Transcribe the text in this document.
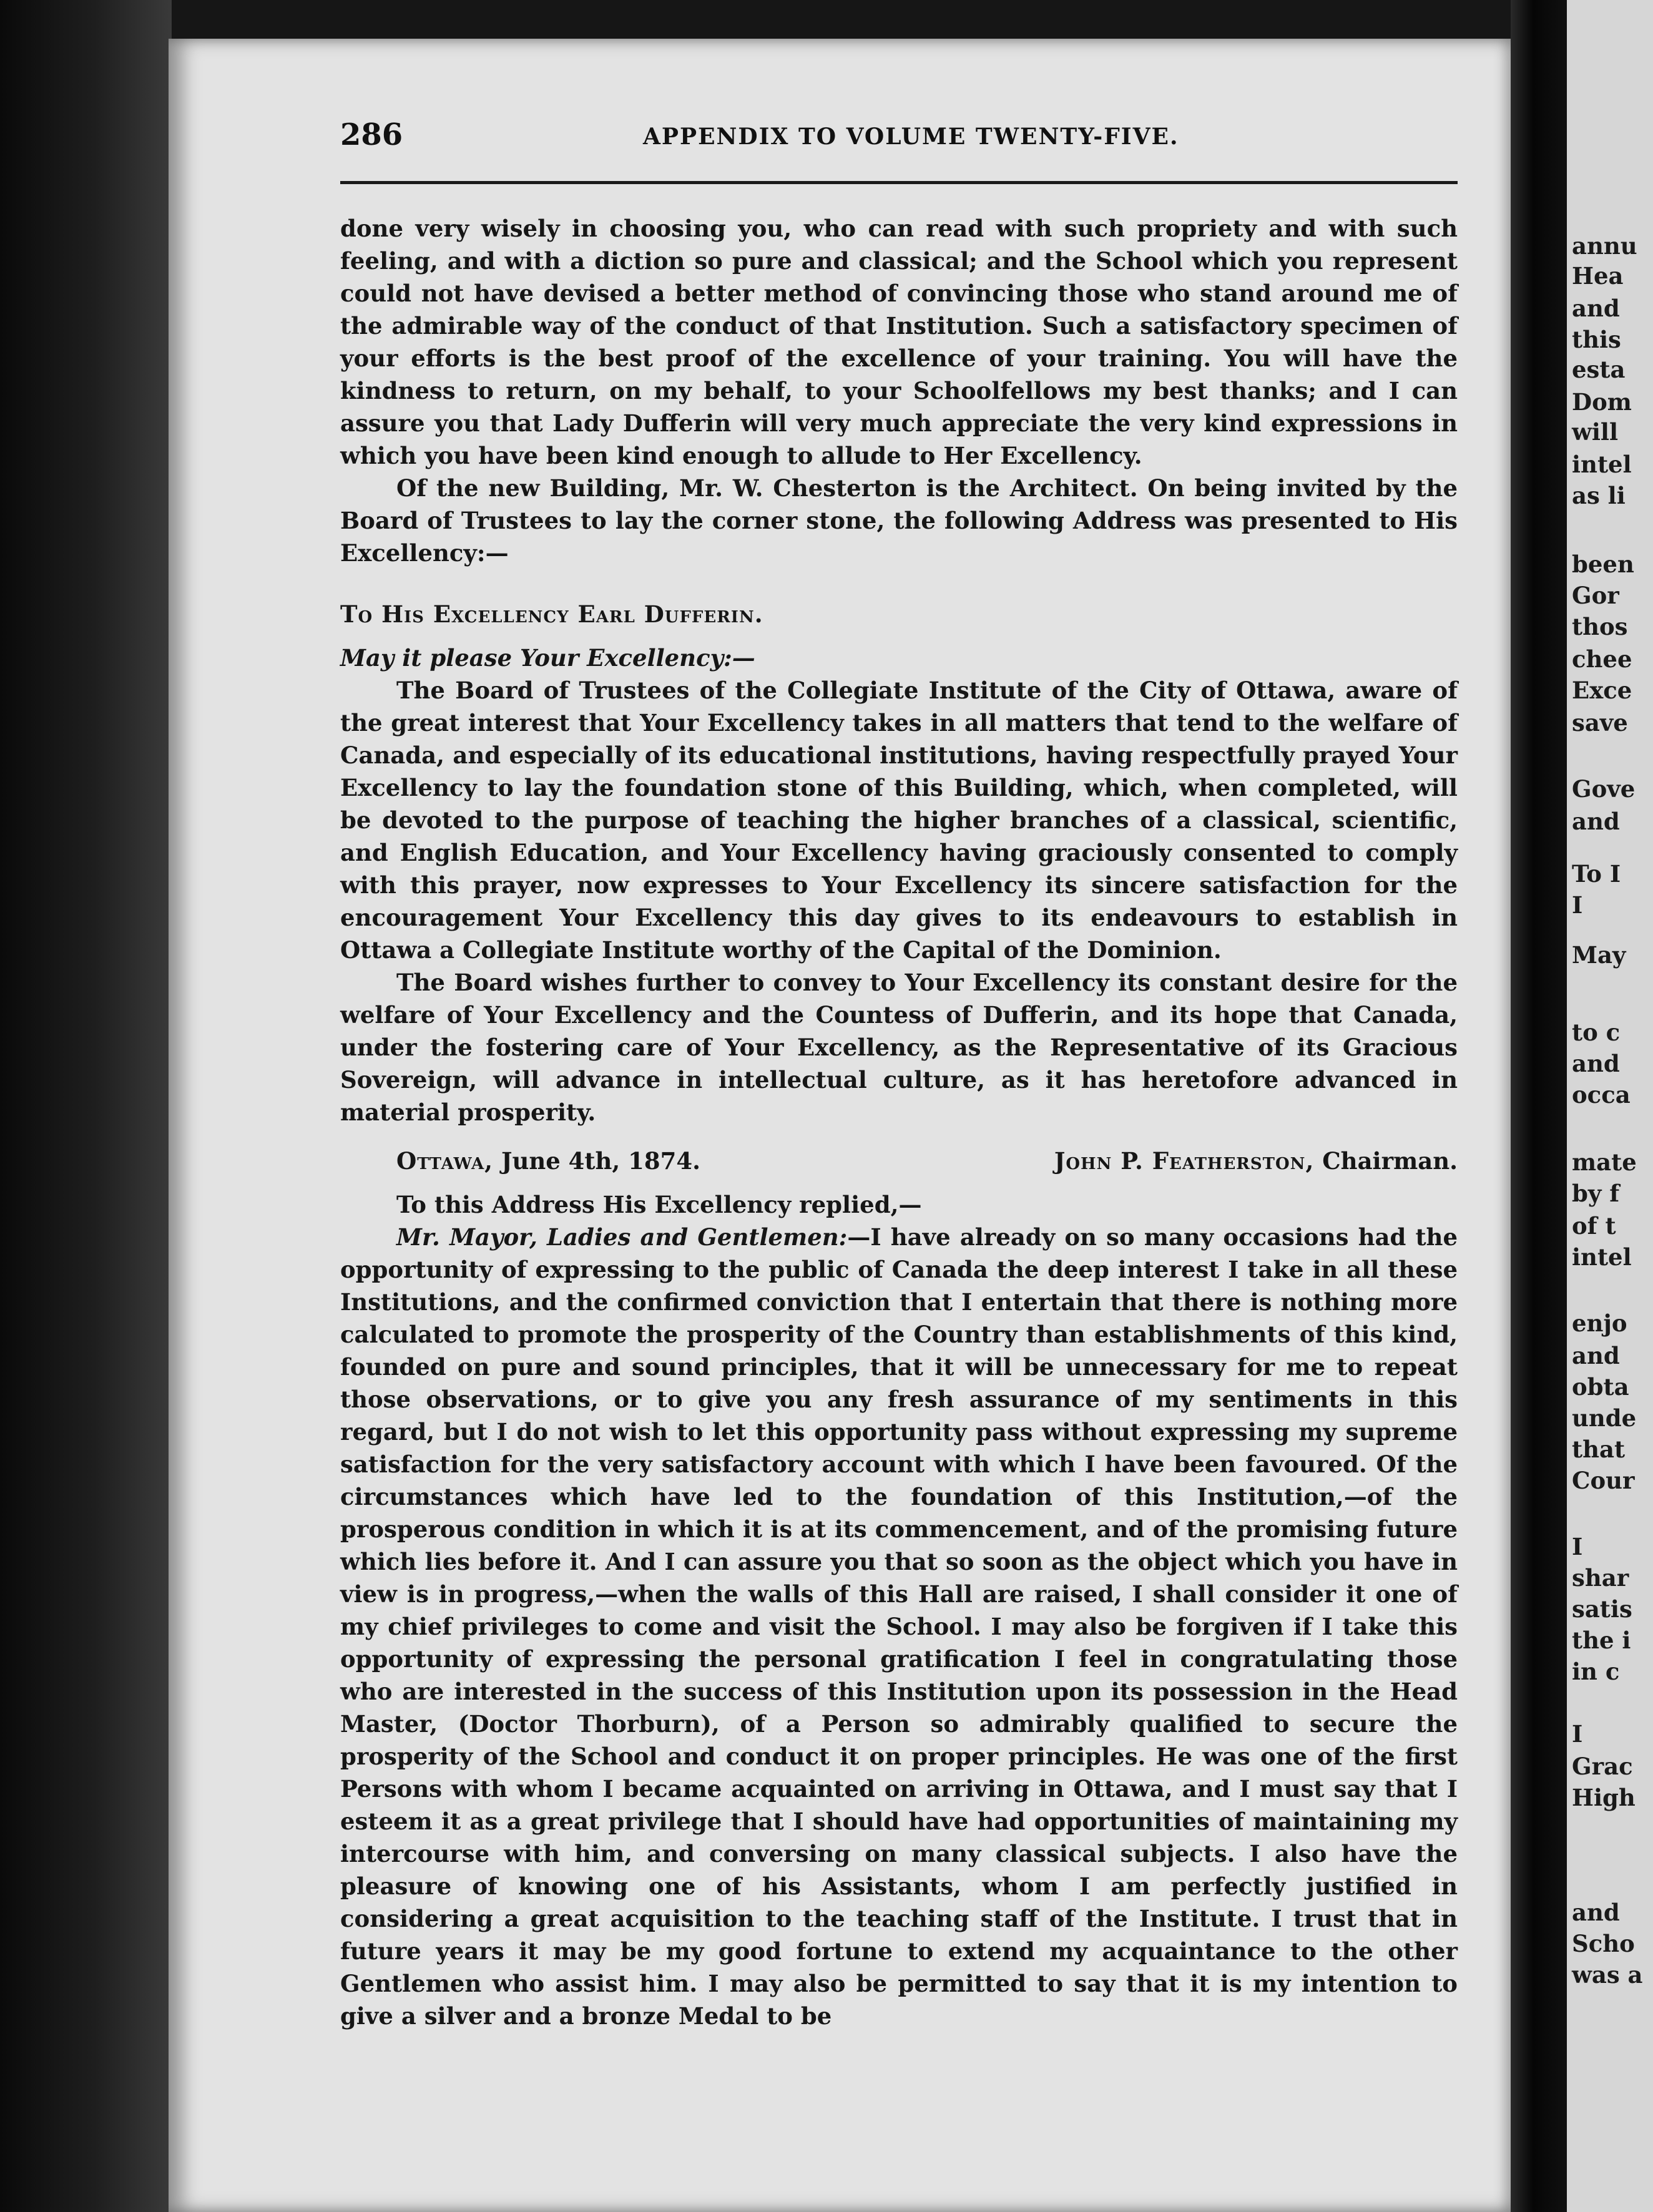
286	APPENDIX TO VOLUME TWENTY-FIVE.

done very wisely in choosing you, who can read with such propriety and with such feeling, and with a diction so pure and classical; and the School which you represent could not have devised a better method of convincing those who stand around me of the admirable way of the conduct of that Institution. Such a satisfactory specimen of your efforts is the best proof of the excellence of your training. You will have the kindness to return, on my behalf, to your Schoolfellows my best thanks; and I can assure you that Lady Dufferin will very much appreciate the very kind expressions in which you have been kind enough to allude to Her Excellency.

Of the new Building, Mr. W. Chesterton is the Architect. On being invited by the Board of Trustees to lay the corner stone, the following Address was presented to His Excellency:—

To His Excellency Earl Dufferin.

May it please Your Excellency:—

The Board of Trustees of the Collegiate Institute of the City of Ottawa, aware of the great interest that Your Excellency takes in all matters that tend to the welfare of Canada, and especially of its educational institutions, having respectfully prayed Your Excellency to lay the foundation stone of this Building, which, when completed, will be devoted to the purpose of teaching the higher branches of a classical, scientific, and English Education, and Your Excellency having graciously consented to comply with this prayer, now expresses to Your Excellency its sincere satisfaction for the encouragement Your Excellency this day gives to its endeavours to establish in Ottawa a Collegiate Institute worthy of the Capital of the Dominion.

The Board wishes further to convey to Your Excellency its constant desire for the welfare of Your Excellency and the Countess of Dufferin, and its hope that Canada, under the fostering care of Your Excellency, as the Representative of its Gracious Sovereign, will advance in intellectual culture, as it has heretofore advanced in material prosperity.

Ottawa, June 4th, 1874.	John P. Featherston, Chairman.

To this Address His Excellency replied,—

Mr. Mayor, Ladies and Gentlemen:—I have already on so many occasions had the opportunity of expressing to the public of Canada the deep interest I take in all these Institutions, and the confirmed conviction that I entertain that there is nothing more calculated to promote the prosperity of the Country than establishments of this kind, founded on pure and sound principles, that it will be unnecessary for me to repeat those observations, or to give you any fresh assurance of my sentiments in this regard, but I do not wish to let this opportunity pass without expressing my supreme satisfaction for the very satisfactory account with which I have been favoured. Of the circumstances which have led to the foundation of this Institution,—of the prosperous condition in which it is at its commencement, and of the promising future which lies before it. And I can assure you that so soon as the object which you have in view is in progress,—when the walls of this Hall are raised, I shall consider it one of my chief privileges to come and visit the School. I may also be forgiven if I take this opportunity of expressing the personal gratification I feel in congratulating those who are interested in the success of this Institution upon its possession in the Head Master, (Doctor Thorburn), of a Person so admirably qualified to secure the prosperity of the School and conduct it on proper principles. He was one of the first Persons with whom I became acquainted on arriving in Ottawa, and I must say that I esteem it as a great privilege that I should have had opportunities of maintaining my intercourse with him, and conversing on many classical subjects. I also have the pleasure of knowing one of his Assistants, whom I am perfectly justified in considering a great acquisition to the teaching staff of the Institute. I trust that in future years it may be my good fortune to extend my acquaintance to the other Gentlemen who assist him. I may also be permitted to say that it is my intention to give a silver and a bronze Medal to be

annu
Hea
and
this
esta
Dom
will
intel
as li
been
Gor
thos
chee
Exce
save
Gove
and
To I
I
May
to c
and
occa
mate
by f
of t
intel
enjo
and
obta
unde
that
Cour
I
shar
satis
the i
in c
I
Grac
High
and
Scho
was a
